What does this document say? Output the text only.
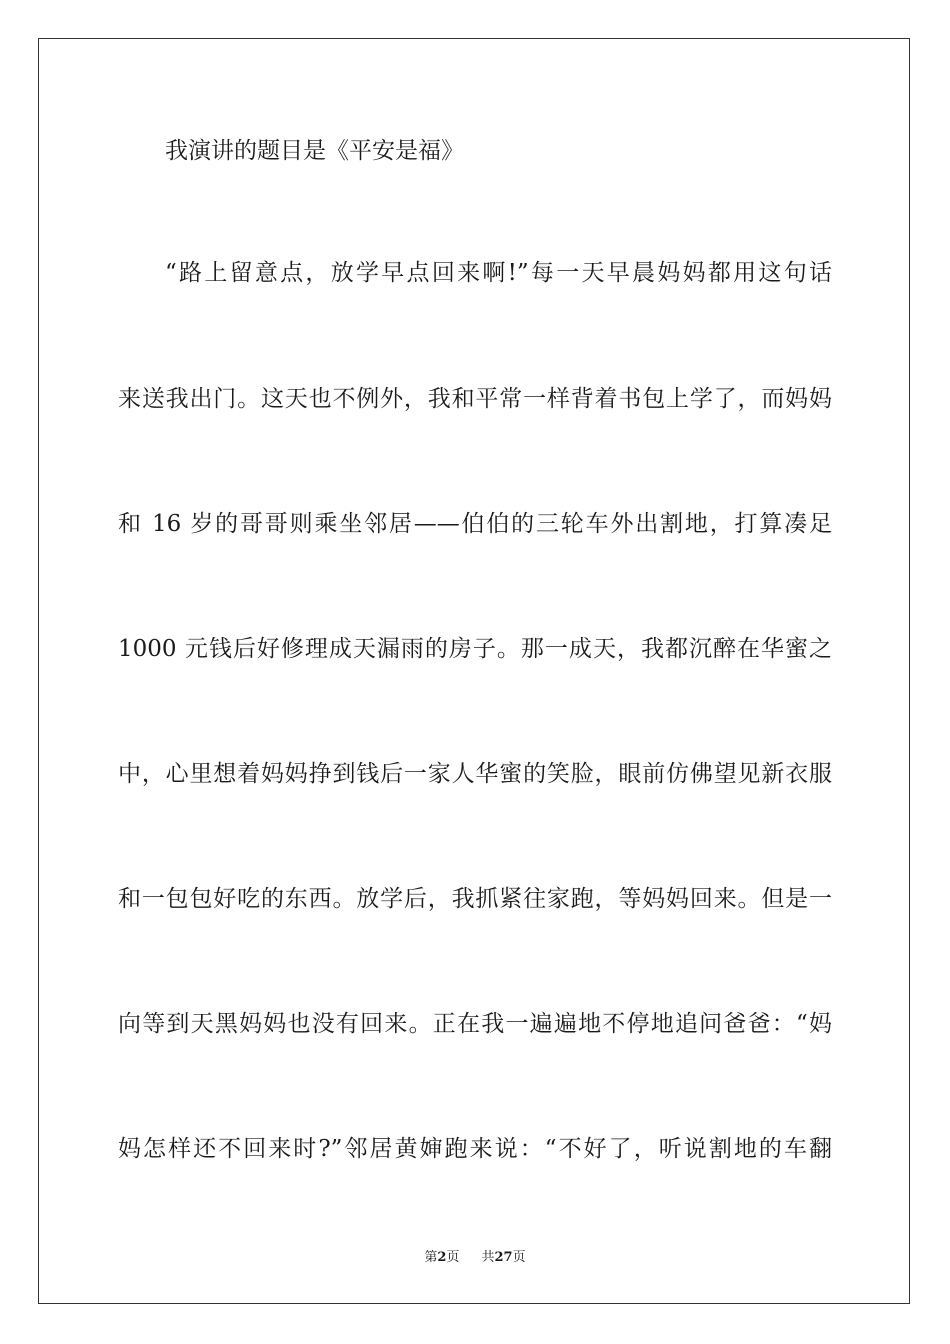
我演讲的题目是《平安是福》

“路上留意点，放学早点回来啊!”每一天早晨妈妈都用这句话

来送我出门。这天也不例外，我和平常一样背着书包上学了，而妈妈

和 16 岁的哥哥则乘坐邻居——伯伯的三轮车外出割地，打算凑足

1000 元钱后好修理成天漏雨的房子。那一成天，我都沉醉在华蜜之

中，心里想着妈妈挣到钱后一家人华蜜的笑脸，眼前仿佛望见新衣服

和一包包好吃的东西。放学后，我抓紧往家跑，等妈妈回来。但是一

向等到天黑妈妈也没有回来。正在我一遍遍地不停地追问爸爸：“妈

妈怎样还不回来时?”邻居黄婶跑来说：“不好了，听说割地的车翻

第2页 共27页
